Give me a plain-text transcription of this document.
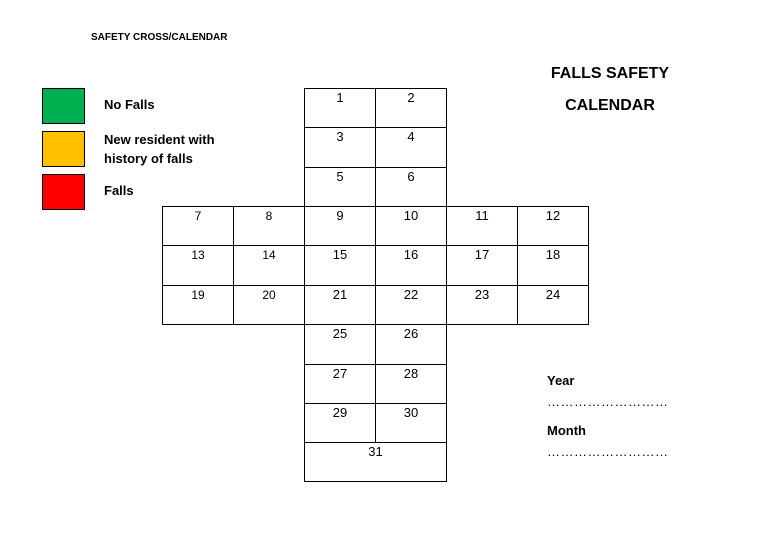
SAFETY CROSS/CALENDAR
No Falls
New resident with
history of falls
Falls
FALLS SAFETY
CALENDAR
1	2
3	4
5	6
7	8	9	10	11	12
13	14	15	16	17	18
19	20	21	22	23	24
25	26
27	28
29	30
31
Year
………………………
Month
………………………
